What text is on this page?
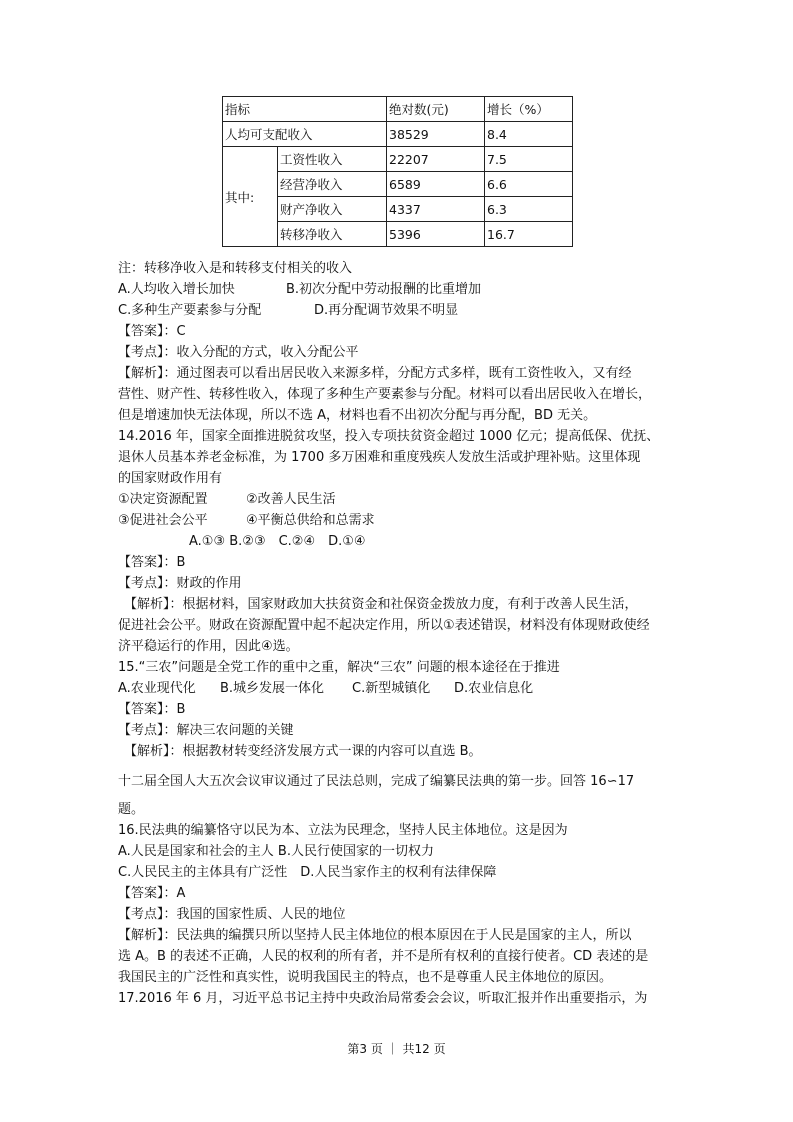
指标		绝对数(元)	增长（%）
人均可支配收入		38529	8.4
其中:	工资性收入	22207	7.5
	经营净收入	6589	6.6
	财产净收入	4337	6.3
	转移净收入	5396	16.7
注：转移净收入是和转移支付相关的收入
A.人均收入增长加快	B.初次分配中劳动报酬的比重增加
C.多种生产要素参与分配	D.再分配调节效果不明显
【答案】：C
【考点】：收入分配的方式，收入分配公平
【解析】：通过图表可以看出居民收入来源多样，分配方式多样，既有工资性收入，又有经
营性、财产性、转移性收入，体现了多种生产要素参与分配。材料可以看出居民收入在增长，
但是增速加快无法体现，所以不选 A，材料也看不出初次分配与再分配，BD 无关。
14.2016 年，国家全面推进脱贫攻坚，投入专项扶贫资金超过 1000 亿元；提高低保、优抚、
退休人员基本养老金标准，为 1700 多万困难和重度残疾人发放生活或护理补贴。这里体现
的国家财政作用有
①决定资源配置	②改善人民生活
③促进社会公平	④平衡总供给和总需求
A.①③ B.②③　C.②④　D.①④
【答案】：B
【考点】：财政的作用
【解析】：根据材料，国家财政加大扶贫资金和社保资金拨放力度，有利于改善人民生活，
促进社会公平。财政在资源配置中起不起决定作用，所以①表述错误，材料没有体现财政使经
济平稳运行的作用，因此④选。
15.“三农”问题是全党工作的重中之重，解决“三农” 问题的根本途径在于推进
A.农业现代化 B.城乡发展一体化 C.新型城镇化 D.农业信息化
【答案】：B
【考点】：解决三农问题的关键
【解析】：根据教材转变经济发展方式一课的内容可以直选 B。
十二届全国人大五次会议审议通过了民法总则，完成了编纂民法典的第一步。回答 16∽17
题。
16.民法典的编纂恪守以民为本、立法为民理念，坚持人民主体地位。这是因为
A.人民是国家和社会的主人 B.人民行使国家的一切权力
C.人民民主的主体具有广泛性　D.人民当家作主的权利有法律保障
【答案】：A
【考点】：我国的国家性质、人民的地位
【解析】：民法典的编撰只所以坚持人民主体地位的根本原因在于人民是国家的主人，所以
选 A。B 的表述不正确，人民的权利的所有者，并不是所有权利的直接行使者。CD 表述的是
我国民主的广泛性和真实性，说明我国民主的特点，也不是尊重人民主体地位的原因。
17.2016 年 6 月，习近平总书记主持中央政治局常委会会议，听取汇报并作出重要指示，为
第3 页 ｜ 共12 页
